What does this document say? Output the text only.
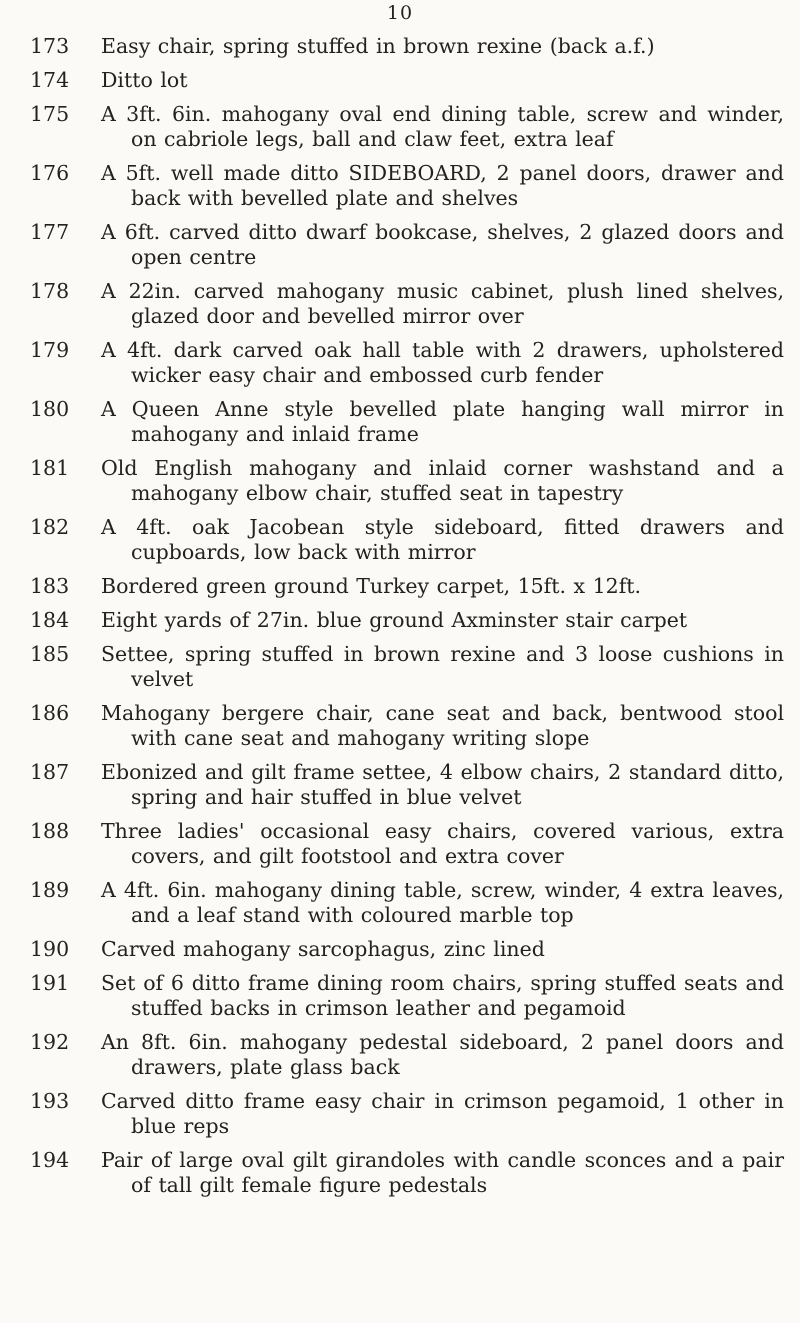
10
173	Easy chair, spring stuffed in brown rexine (back a.f.)
174	Ditto lot
175	A 3ft. 6in. mahogany oval end dining table, screw and winder, on cabriole legs, ball and claw feet, extra leaf
176	A 5ft. well made ditto SIDEBOARD, 2 panel doors, drawer and back with bevelled plate and shelves
177	A 6ft. carved ditto dwarf bookcase, shelves, 2 glazed doors and open centre
178	A 22in. carved mahogany music cabinet, plush lined shelves, glazed door and bevelled mirror over
179	A 4ft. dark carved oak hall table with 2 drawers, upholstered wicker easy chair and embossed curb fender
180	A Queen Anne style bevelled plate hanging wall mirror in mahogany and inlaid frame
181	Old English mahogany and inlaid corner washstand and a mahogany elbow chair, stuffed seat in tapestry
182	A 4ft. oak Jacobean style sideboard, fitted drawers and cupboards, low back with mirror
183	Bordered green ground Turkey carpet, 15ft. x 12ft.
184	Eight yards of 27in. blue ground Axminster stair carpet
185	Settee, spring stuffed in brown rexine and 3 loose cushions in velvet
186	Mahogany bergere chair, cane seat and back, bentwood stool with cane seat and mahogany writing slope
187	Ebonized and gilt frame settee, 4 elbow chairs, 2 standard ditto, spring and hair stuffed in blue velvet
188	Three ladies' occasional easy chairs, covered various, extra covers, and gilt footstool and extra cover
189	A 4ft. 6in. mahogany dining table, screw, winder, 4 extra leaves, and a leaf stand with coloured marble top
190	Carved mahogany sarcophagus, zinc lined
191	Set of 6 ditto frame dining room chairs, spring stuffed seats and stuffed backs in crimson leather and pegamoid
192	An 8ft. 6in. mahogany pedestal sideboard, 2 panel doors and drawers, plate glass back
193	Carved ditto frame easy chair in crimson pegamoid, 1 other in blue reps
194	Pair of large oval gilt girandoles with candle sconces and a pair of tall gilt female figure pedestals
